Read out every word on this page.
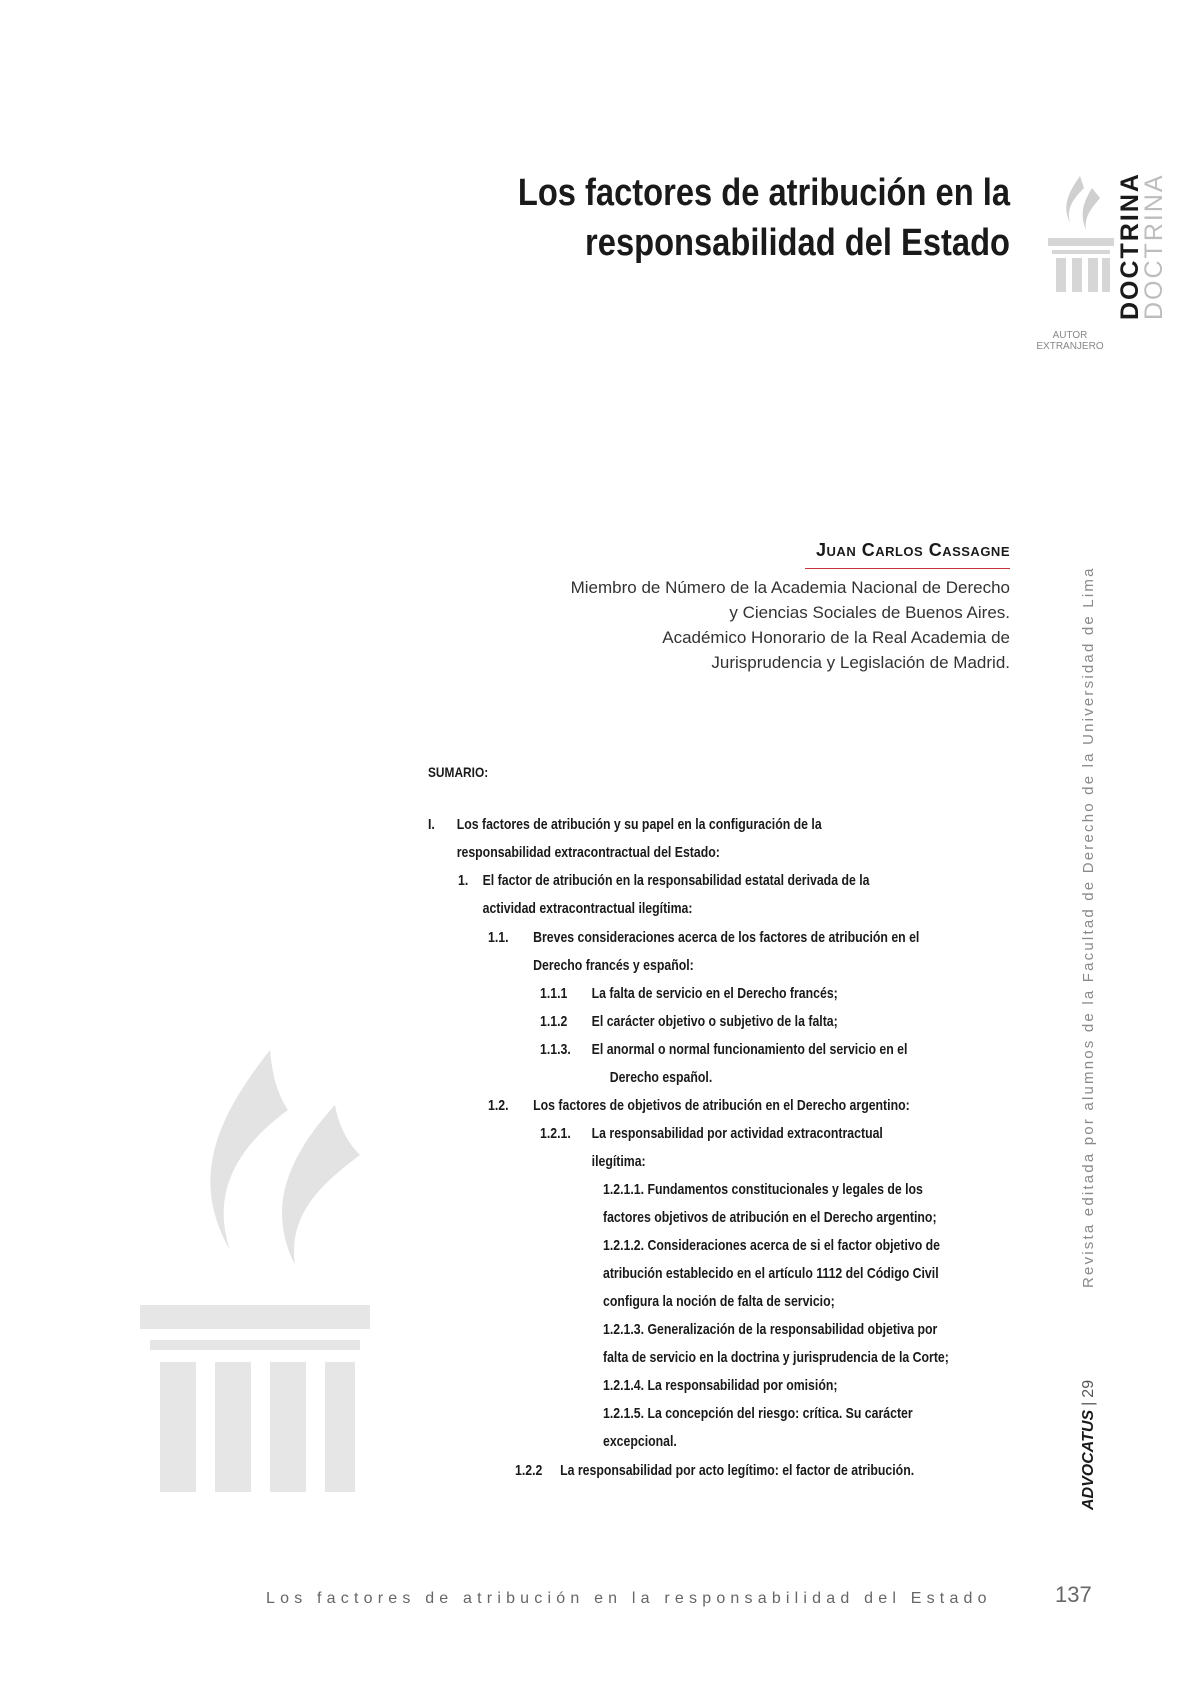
Los factores de atribución en la
responsabilidad del Estado	DOCTRINA
DOCTRINA
AUTOR
EXTRANJERO
Juan Carlos Cassagne
Miembro de Número de la Academia Nacional de Derecho
y Ciencias Sociales de Buenos Aires.
Académico Honorario de la Real Academia de
Jurisprudencia y Legislación de Madrid.	Revista editada por alumnos de la Facultad de Derecho de la Universidad de Lima
ADVOCATUS|29
SUMARIO:
I. Los factores de atribución y su papel en la configuración de la
responsabilidad extracontractual del Estado:
1. El factor de atribución en la responsabilidad estatal derivada de la
actividad extracontractual ilegítima:
1.1. Breves consideraciones acerca de los factores de atribución en el
Derecho francés y español:
1.1.1 La falta de servicio en el Derecho francés;
1.1.2 El carácter objetivo o subjetivo de la falta;
1.1.3. El anormal o normal funcionamiento del servicio en el
Derecho español.
1.2. Los factores de objetivos de atribución en el Derecho argentino:
1.2.1. La responsabilidad por actividad extracontractual
ilegítima:
1.2.1.1. Fundamentos constitucionales y legales de los
factores objetivos de atribución en el Derecho argentino;
1.2.1.2. Consideraciones acerca de si el factor objetivo de
atribución establecido en el artículo 1112 del Código Civil
configura la noción de falta de servicio;
1.2.1.3. Generalización de la responsabilidad objetiva por
falta de servicio en la doctrina y jurisprudencia de la Corte;
1.2.1.4. La responsabilidad por omisión;
1.2.1.5. La concepción del riesgo: crítica. Su carácter
excepcional.
1.2.2 La responsabilidad por acto legítimo: el factor de atribución.
Los factores de atribución en la responsabilidad del Estado	137
